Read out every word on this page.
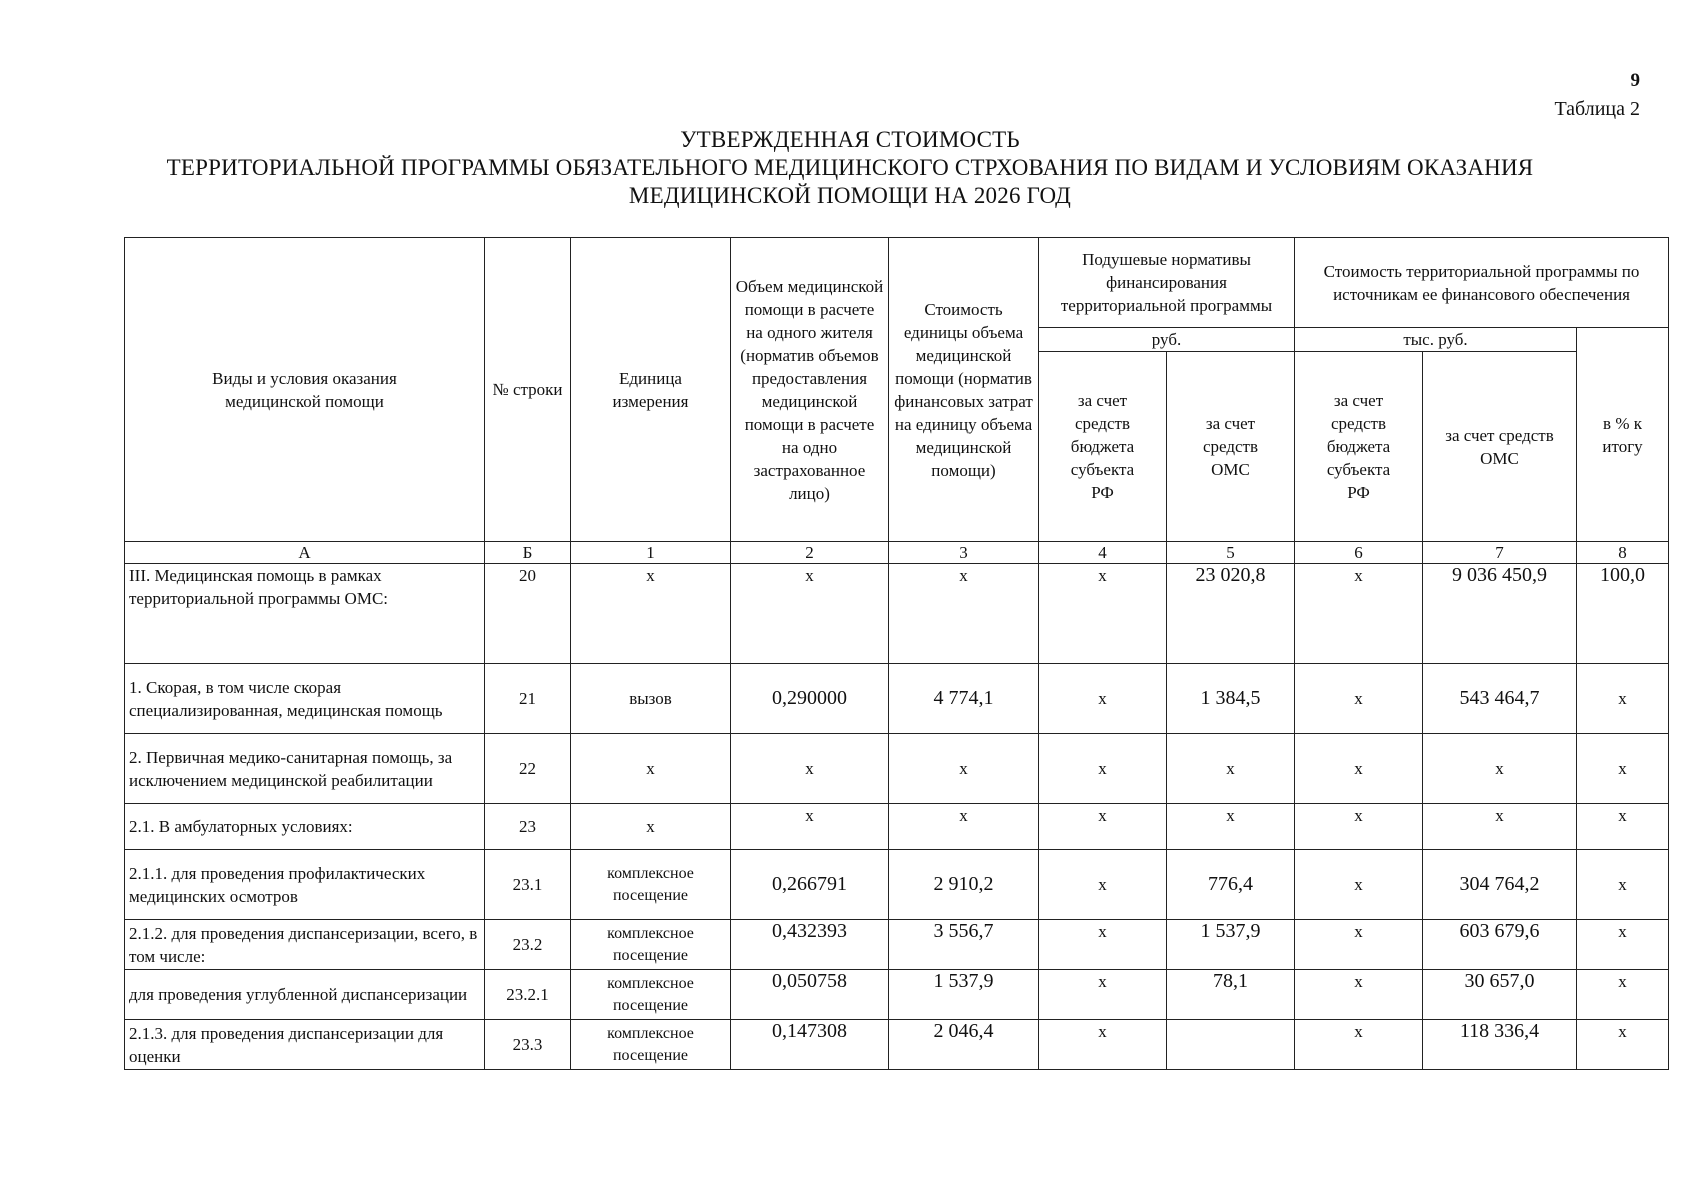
9
Таблица 2
УТВЕРЖДЕННАЯ СТОИМОСТЬ
ТЕРРИТОРИАЛЬНОЙ ПРОГРАММЫ ОБЯЗАТЕЛЬНОГО МЕДИЦИНСКОГО СТРХОВАНИЯ ПО ВИДАМ И УСЛОВИЯМ ОКАЗАНИЯ
МЕДИЦИНСКОЙ ПОМОЩИ НА 2026 ГОД
Виды и условия оказания медицинской помощи	№ строки	Единица измерения	Объем медицинской помощи в расчете на одного жителя (норматив объемов предоставления медицинской помощи в расчете на одно застрахованное лицо)	Стоимость единицы объема медицинской помощи (норматив финансовых затрат на единицу объема медицинской помощи)	Подушевые нормативы финансирования территориальной программы		Стоимость территориальной программы по источникам ее финансового обеспечения		
					руб.		тыс. руб.		в % к итогу
					за счет средств бюджета субъекта РФ	за счет средств ОМС	за счет средств бюджета субъекта РФ	за счет средств ОМС	
А	Б	1	2	3	4	5	6	7	8
III. Медицинская помощь в рамках территориальной программы ОМС:	20	х	х	х	х	23 020,8	х	9 036 450,9	100,0
1. Скорая, в том числе скорая специализированная, медицинская помощь	21	вызов	0,290000	4 774,1	х	1 384,5	х	543 464,7	х
2. Первичная медико-санитарная помощь, за исключением медицинской реабилитации	22	х	х	х	х	х	х	х	х
2.1. В амбулаторных условиях:	23	х	х	х	х	х	х	х	х
2.1.1. для проведения профилактических медицинских осмотров	23.1	комплексное посещение	0,266791	2 910,2	х	776,4	х	304 764,2	х
2.1.2. для проведения диспансеризации, всего, в том числе:	23.2	комплексное посещение	0,432393	3 556,7	х	1 537,9	х	603 679,6	х
для проведения углубленной диспансеризации	23.2.1	комплексное посещение	0,050758	1 537,9	х	78,1	х	30 657,0	х
2.1.3. для проведения диспансеризации для оценки	23.3	комплексное посещение	0,147308	2 046,4	х		х	118 336,4	х
